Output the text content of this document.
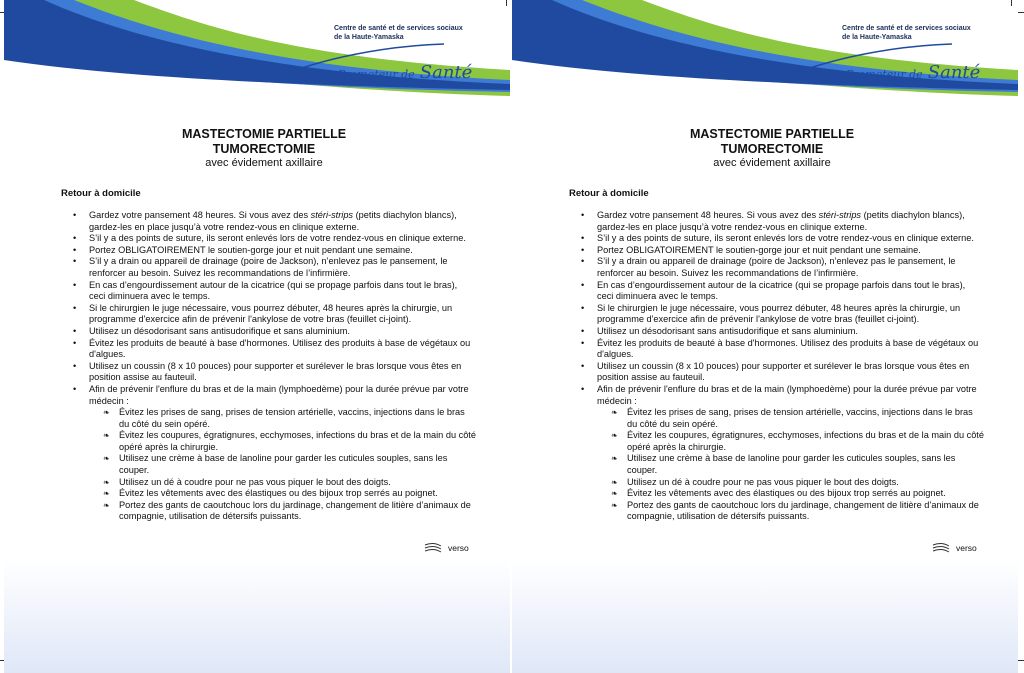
Centre de santé et de services sociaux
de la Haute-Yamaska
Promoteur de Santé
MASTECTOMIE PARTIELLE
TUMORECTOMIE
avec évidement axillaire
Retour à domicile
• Gardez votre pansement 48 heures. Si vous avez des stéri-strips (petits diachylon blancs), gardez-les en place jusqu’à votre rendez-vous en clinique externe.
• S’il y a des points de suture, ils seront enlevés lors de votre rendez-vous en clinique externe.
• Portez OBLIGATOIREMENT le soutien-gorge jour et nuit pendant une semaine.
• S’il y a drain ou appareil de drainage (poire de Jackson), n’enlevez pas le pansement, le renforcer au besoin. Suivez les recommandations de l’infirmière.
• En cas d’engourdissement autour de la cicatrice (qui se propage parfois dans tout le bras), ceci diminuera avec le temps.
• Si le chirurgien le juge nécessaire, vous pourrez débuter, 48 heures après la chirurgie, un programme d'exercice afin de prévenir l'ankylose de votre bras (feuillet ci-joint).
• Utilisez un désodorisant sans antisudorifique et sans aluminium.
• Évitez les produits de beauté à base d'hormones. Utilisez des produits à base de végétaux ou d'algues.
• Utilisez un coussin (8 x 10 pouces) pour supporter et surélever le bras lorsque vous êtes en position assise au fauteuil.
• Afin de prévenir l'enflure du bras et de la main (lymphoedème) pour la durée prévue par votre médecin :
❧ Évitez les prises de sang, prises de tension artérielle, vaccins, injections dans le bras du côté du sein opéré.
❧ Évitez les coupures, égratignures, ecchymoses, infections du bras et de la main du côté opéré après la chirurgie.
❧ Utilisez une crème à base de lanoline pour garder les cuticules souples, sans les couper.
❧ Utilisez un dé à coudre pour ne pas vous piquer le bout des doigts.
❧ Évitez les vêtements avec des élastiques ou des bijoux trop serrés au poignet.
❧ Portez des gants de caoutchouc lors du jardinage, changement de litière d’animaux de compagnie, utilisation de détersifs puissants.
verso
Centre de santé et de services sociaux
de la Haute-Yamaska
Promoteur de Santé
MASTECTOMIE PARTIELLE
TUMORECTOMIE
avec évidement axillaire
Retour à domicile
• Gardez votre pansement 48 heures. Si vous avez des stéri-strips (petits diachylon blancs), gardez-les en place jusqu’à votre rendez-vous en clinique externe.
• S’il y a des points de suture, ils seront enlevés lors de votre rendez-vous en clinique externe.
• Portez OBLIGATOIREMENT le soutien-gorge jour et nuit pendant une semaine.
• S’il y a drain ou appareil de drainage (poire de Jackson), n’enlevez pas le pansement, le renforcer au besoin. Suivez les recommandations de l’infirmière.
• En cas d’engourdissement autour de la cicatrice (qui se propage parfois dans tout le bras), ceci diminuera avec le temps.
• Si le chirurgien le juge nécessaire, vous pourrez débuter, 48 heures après la chirurgie, un programme d'exercice afin de prévenir l'ankylose de votre bras (feuillet ci-joint).
• Utilisez un désodorisant sans antisudorifique et sans aluminium.
• Évitez les produits de beauté à base d'hormones. Utilisez des produits à base de végétaux ou d'algues.
• Utilisez un coussin (8 x 10 pouces) pour supporter et surélever le bras lorsque vous êtes en position assise au fauteuil.
• Afin de prévenir l'enflure du bras et de la main (lymphoedème) pour la durée prévue par votre médecin :
❧ Évitez les prises de sang, prises de tension artérielle, vaccins, injections dans le bras du côté du sein opéré.
❧ Évitez les coupures, égratignures, ecchymoses, infections du bras et de la main du côté opéré après la chirurgie.
❧ Utilisez une crème à base de lanoline pour garder les cuticules souples, sans les couper.
❧ Utilisez un dé à coudre pour ne pas vous piquer le bout des doigts.
❧ Évitez les vêtements avec des élastiques ou des bijoux trop serrés au poignet.
❧ Portez des gants de caoutchouc lors du jardinage, changement de litière d’animaux de compagnie, utilisation de détersifs puissants.
verso
